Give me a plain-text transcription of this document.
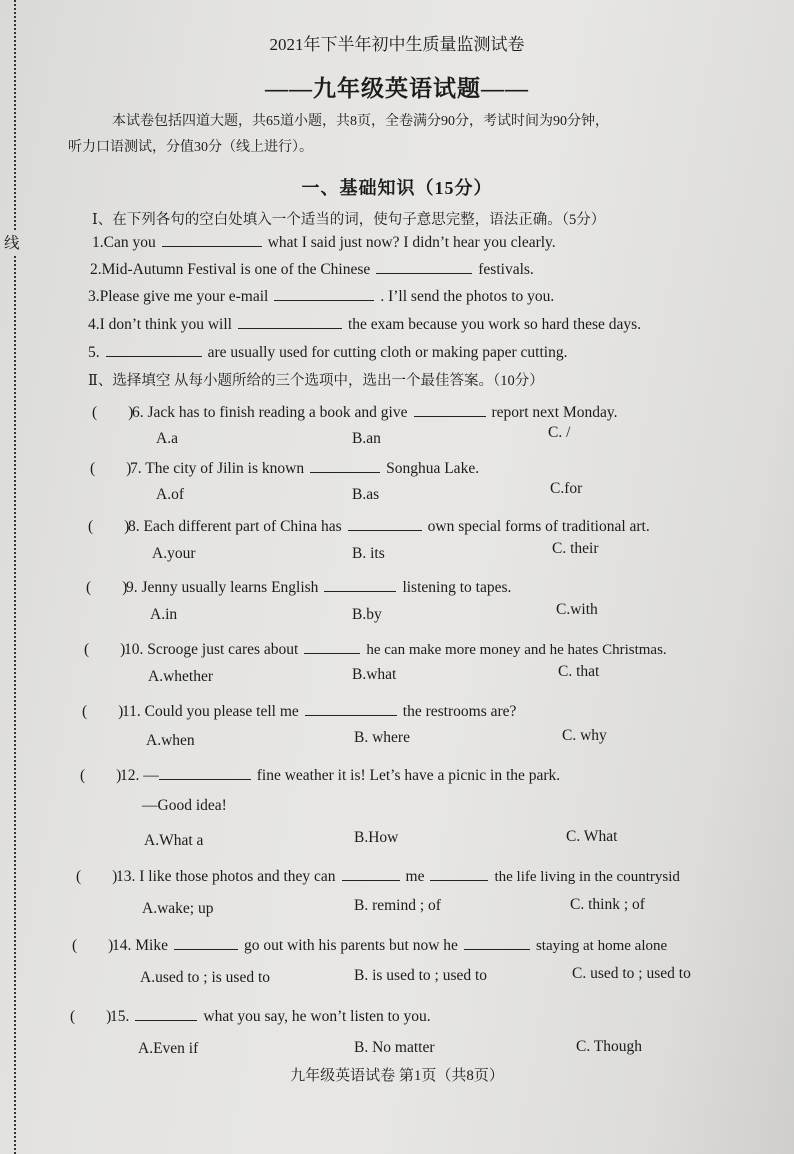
线
2021年下半年初中生质量监测试卷
——九年级英语试题——
本试卷包括四道大题，共65道小题，共8页，全卷满分90分，考试时间为90分钟，
听力口语测试，分值30分（线上进行）。
一、基础知识（15分）
Ⅰ、在下列各句的空白处填入一个适当的词，使句子意思完整，语法正确。（5分）
1.Can you	what I said just now? I didn’t hear you clearly.
2.Mid-Autumn Festival is one of the Chinese	festivals.
3.Please give me your e-mail	. I’ll send the photos to you.
4.I don’t think you will	the exam because you work so hard these days.
5.	are usually used for cutting cloth or making paper cutting.
Ⅱ、选择填空 从每小题所给的三个选项中，选出一个最佳答案。（10分）
(　　)6. Jack has to finish reading a book and give	report next Monday.
A.a	B.an	C. /
(　　)7. The city of Jilin is known	Songhua Lake.
A.of	B.as	C.for
(　　)8. Each different part of China has	own special forms of traditional art.
A.your	B. its	C. their
(　　)9. Jenny usually learns English	listening to tapes.
A.in	B.by	C.with
(　　)10. Scrooge just cares about	he can make more money and he hates Christmas.
A.whether	B.what	C. that
(　　)11. Could you please tell me	the restrooms are?
A.when	B. where	C. why
(　　)12. —	fine weather it is! Let’s have a picnic in the park.
—Good idea!
A.What a	B.How	C. What
(　　)13. I like those photos and they can	me	the life living in the countrysid
A.wake; up	B. remind ; of	C. think ; of
(　　)14. Mike	go out with his parents but now he	staying at home alone
A.used to ; is used to	B. is used to ; used to	C. used to ; used to
(　　)15.	what you say, he won’t listen to you.
A.Even if	B. No matter	C. Though
九年级英语试卷 第1页（共8页）
